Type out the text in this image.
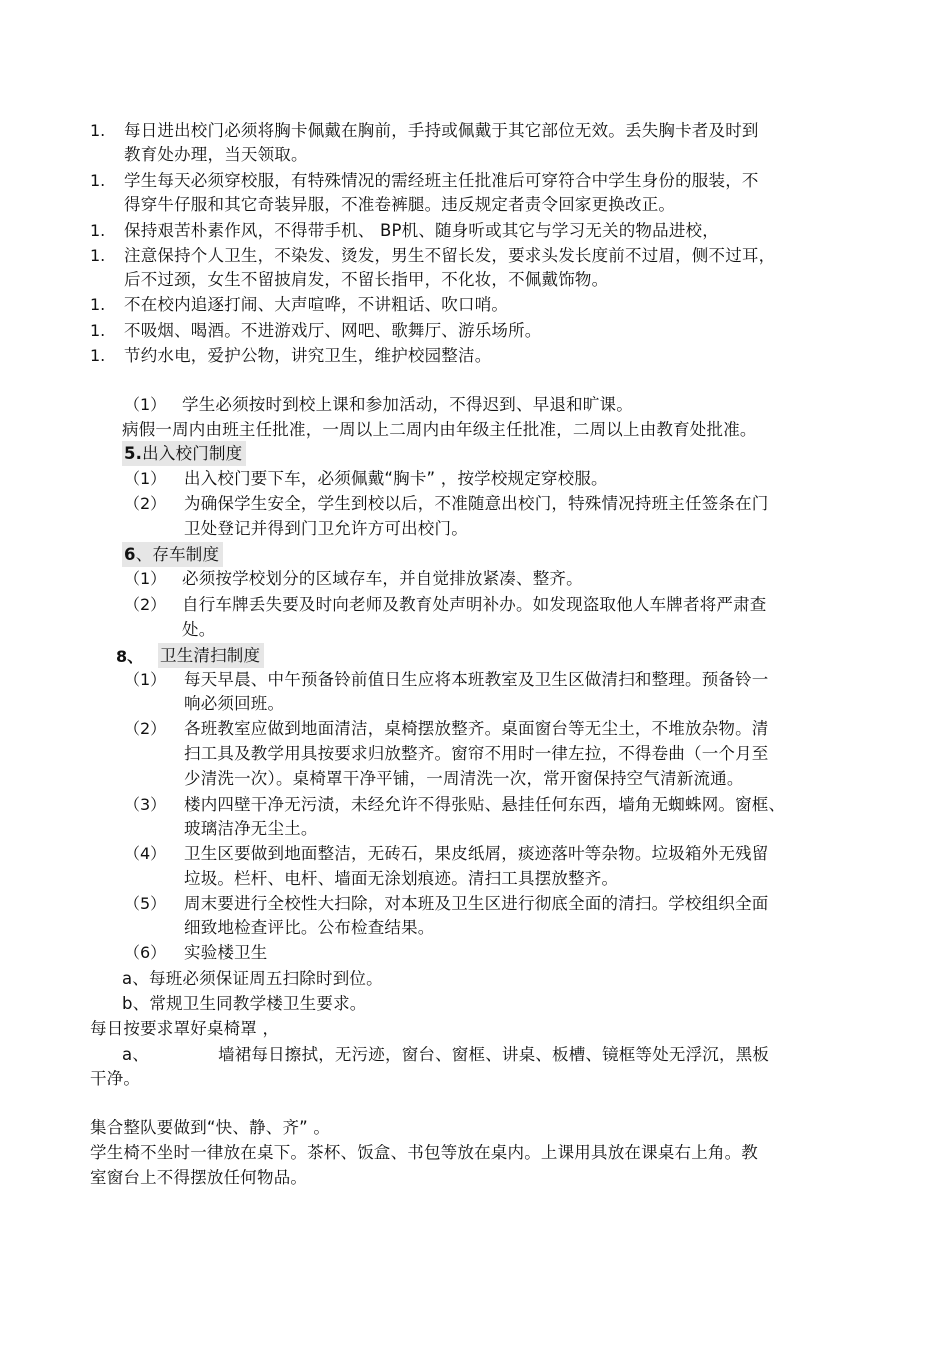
1. 每日进出校门必须将胸卡佩戴在胸前，手持或佩戴于其它部位无效。丢失胸卡者及时到
教育处办理，当天领取。
1. 学生每天必须穿校服，有特殊情况的需经班主任批准后可穿符合中学生身份的服装，不
得穿牛仔服和其它奇装异服，不准卷裤腿。违反规定者责令回家更换改正。
1. 保持艰苦朴素作风，不得带手机、 BP机、随身听或其它与学习无关的物品进校，
1. 注意保持个人卫生，不染发、烫发，男生不留长发，要求头发长度前不过眉，侧不过耳，
后不过颈，女生不留披肩发，不留长指甲，不化妆，不佩戴饰物。
1. 不在校内追逐打闹、大声喧哗，不讲粗话、吹口哨。
1. 不吸烟、喝酒。不进游戏厅、网吧、歌舞厅、游乐场所。
1. 节约水电，爱护公物，讲究卫生，维护校园整洁。
（1） 学生必须按时到校上课和参加活动，不得迟到、早退和旷课。
病假一周内由班主任批准，一周以上二周内由年级主任批准，二周以上由教育处批准。
5.出入校门制度
（1） 出入校门要下车，必须佩戴“胸卡” ，按学校规定穿校服。
（2） 为确保学生安全，学生到校以后，不准随意出校门，特殊情况持班主任签条在门
卫处登记并得到门卫允许方可出校门。
6、存车制度
（1） 必须按学校划分的区域存车，并自觉排放紧凑、整齐。
（2） 自行车牌丢失要及时向老师及教育处声明补办。如发现盗取他人车牌者将严肃查
处。
8、 卫生清扫制度
（1） 每天早晨、中午预备铃前值日生应将本班教室及卫生区做清扫和整理。预备铃一
响必须回班。
（2） 各班教室应做到地面清洁，桌椅摆放整齐。桌面窗台等无尘土，不堆放杂物。清
扫工具及教学用具按要求归放整齐。窗帘不用时一律左拉，不得卷曲（一个月至
少清洗一次）。桌椅罩干净平铺，一周清洗一次，常开窗保持空气清新流通。
（3） 楼内四壁干净无污渍，未经允许不得张贴、悬挂任何东西，墙角无蜘蛛网。窗框、
玻璃洁净无尘土。
（4） 卫生区要做到地面整洁，无砖石，果皮纸屑，痰迹落叶等杂物。垃圾箱外无残留
垃圾。栏杆、电杆、墙面无涂划痕迹。清扫工具摆放整齐。
（5） 周末要进行全校性大扫除，对本班及卫生区进行彻底全面的清扫。学校组织全面
细致地检查评比。公布检查结果。
（6） 实验楼卫生
a、每班必须保证周五扫除时到位。
b、常规卫生同教学楼卫生要求。
每日按要求罩好桌椅罩 ，
a、	墙裙每日擦拭，无污迹，窗台、窗框、讲桌、板槽、镜框等处无浮沉，黑板
干净。
集合整队要做到“快、静、齐” 。
学生椅不坐时一律放在桌下。茶杯、饭盒、书包等放在桌内。上课用具放在课桌右上角。教
室窗台上不得摆放任何物品。
